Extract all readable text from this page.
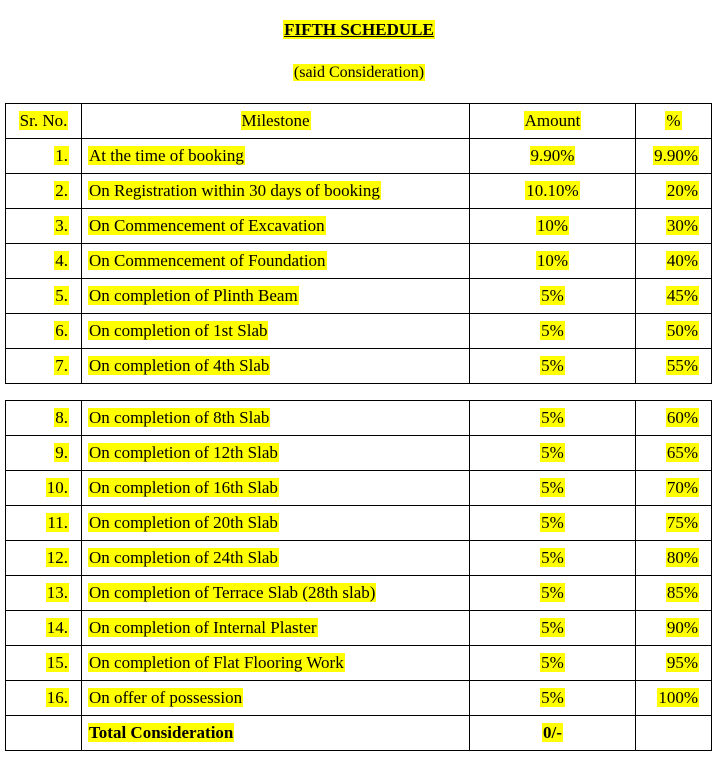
FIFTH SCHEDULE
(said Consideration)
Sr. No.	Milestone	Amount	%
1.	At the time of booking	9.90%	9.90%
2.	On Registration within 30 days of booking	10.10%	20%
3.	On Commencement of Excavation	10%	30%
4.	On Commencement of Foundation	10%	40%
5.	On completion of Plinth Beam	5%	45%
6.	On completion of 1st Slab	5%	50%
7.	On completion of 4th Slab	5%	55%
8.	On completion of 8th Slab	5%	60%
9.	On completion of 12th Slab	5%	65%
10.	On completion of 16th Slab	5%	70%
11.	On completion of 20th Slab	5%	75%
12.	On completion of 24th Slab	5%	80%
13.	On completion of Terrace Slab (28th slab)	5%	85%
14.	On completion of Internal Plaster	5%	90%
15.	On completion of Flat Flooring Work	5%	95%
16.	On offer of possession	5%	100%
	Total Consideration	0/-	
